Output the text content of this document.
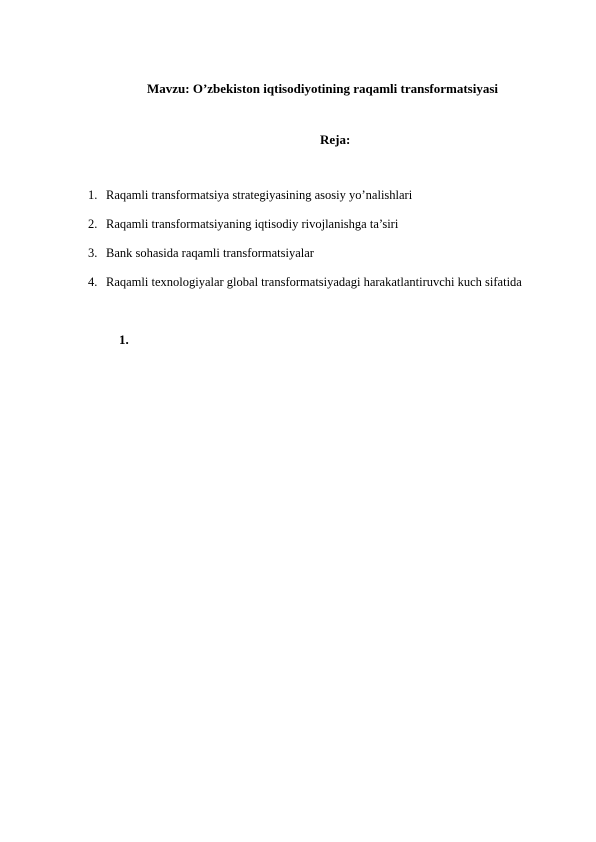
Mavzu: O’zbekiston iqtisodiyotining raqamli transformatsiyasi
Reja:
1. Raqamli transformatsiya strategiyasining asosiy yo’nalishlari
2. Raqamli transformatsiyaning iqtisodiy rivojlanishga ta’siri
3. Bank sohasida raqamli transformatsiyalar
4. Raqamli texnologiyalar global transformatsiyadagi harakatlantiruvchi kuch sifatida
1.
